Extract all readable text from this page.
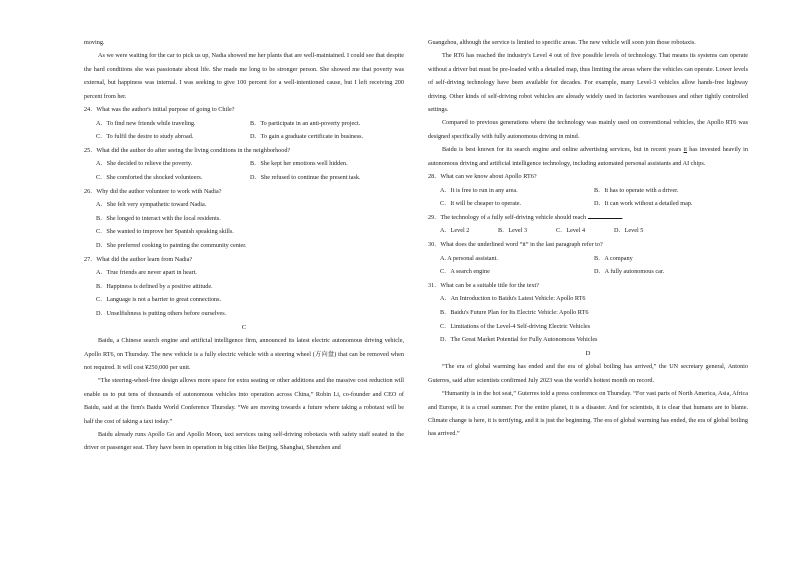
moving.

As we were waiting for the car to pick us up, Nadia showed me her plants that are well-maintained. I could see that despite the hard conditions she was passionate about life. She made me long to be stronger person. She showed me that poverty was external, but happiness was internal. I was seeking to give 100 percent for a well-intentioned cause, but I left receiving 200 percent from her.

24．What was the author's initial purpose of going to Chile?

A．To find new friends while traveling.	B．To participate in an anti-poverty project.
C．To fulfil the desire to study abroad.	D．To gain a graduate certificate in business.

25．What did the author do after seeing the living conditions in the neighborhood?

A．She decided to relieve the poverty.	B．She kept her emotions well hidden.
C．She comforted the shocked volunteers.	D．She refused to continue the present task.

26．Why did the author volunteer to work with Nadia?

A．She felt very sympathetic toward Nadia.

B．She longed to interact with the local residents.

C．She wanted to improve her Spanish speaking skills.

D．She preferred cooking to painting the community center.

27．What did the author learn from Nadia?

A．True friends are never apart in heart.

B．Happiness is defined by a positive attitude.

C．Language is not a barrier to great connections.

D．Unselfishness is putting others before ourselves.

C

Baidu, a Chinese search engine and artificial intelligence firm, announced its latest electric autonomous driving vehicle, Apollo RT6, on Thursday. The new vehicle is a fully electric vehicle with a steering wheel (方向盘) that can be removed when not required. It will cost ¥250,000 per unit.

“The steering-wheel-free design allows more space for extra seating or other additions and the massive cost reduction will enable us to put tens of thousands of autonomous vehicles into operation across China,” Robin Li, co-founder and CEO of Baidu, said at the firm's Baidu World Conference Thursday. “We are moving towards a future where taking a robotaxi will be half the cost of taking a taxi today.”

Baidu already runs Apollo Go and Apollo Moon, taxi services using self-driving robotaxis with safety staff seated in the driver or passenger seat. They have been in operation in big cities like Beijing, Shanghai, Shenzhen and

Guangzhou, although the service is limited to specific areas. The new vehicle will soon join those robotaxis.

The RT6 has reached the industry's Level 4 out of five possible levels of technology. That means its systems can operate without a driver but must be pre-loaded with a detailed map, thus limiting the areas where the vehicles can operate. Lower levels of self-driving technology have been available for decades. For example, many Level-3 vehicles allow hands-free highway driving. Other kinds of self-driving robot vehicles are already widely used in factories warehouses and other tightly controlled settings.

Compared to previous generations where the technology was mainly used on conventional vehicles, the Apollo RT6 was designed specifically with fully autonomous driving in mind.

Baidu is best known for its search engine and online advertising services, but in recent years it has invested heavily in autonomous driving and artificial intelligence technology, including automated personal assistants and AI chips.

28．What can we know about Apollo RT6?

A．It is free to run in any area.	B．It has to operate with a driver.
C．It will be cheaper to operate.	D．It can work without a detailed map.

29．The technology of a fully self-driving vehicle should reach	.

A．Level 2	B．Level 3	C．Level 4	D．Level 5

30．What does the underlined word “it” in the last paragraph refer to?

A. A personal assistant.	B．A company
C．A search engine	D．A fully autonomous car.

31．What can be a suitable title for the text?

A．An Introduction to Baidu's Latest Vehicle: Apollo RT6

B．Baidu's Future Plan for Its Electric Vehicle: Apollo RT6

C．Limitations of the Level-4 Self-driving Electric Vehicles

D．The Great Market Potential for Fully Autonomous Vehicles

D

“The era of global warming has ended and the era of global boiling has arrived,” the UN secretary general, Antonio Guterres, said after scientists confirmed July 2023 was the world's hottest month on record.

“Humanity is in the hot seat,” Guterres told a press conference on Thursday. “For vast parts of North America, Asia, Africa and Europe, it is a cruel summer. For the entire planet, it is a disaster. And for scientists, it is clear that humans are to blame. Climate change is here, it is terrifying, and it is just the beginning. The era of global warming has ended, the era of global boiling has arrived.”
